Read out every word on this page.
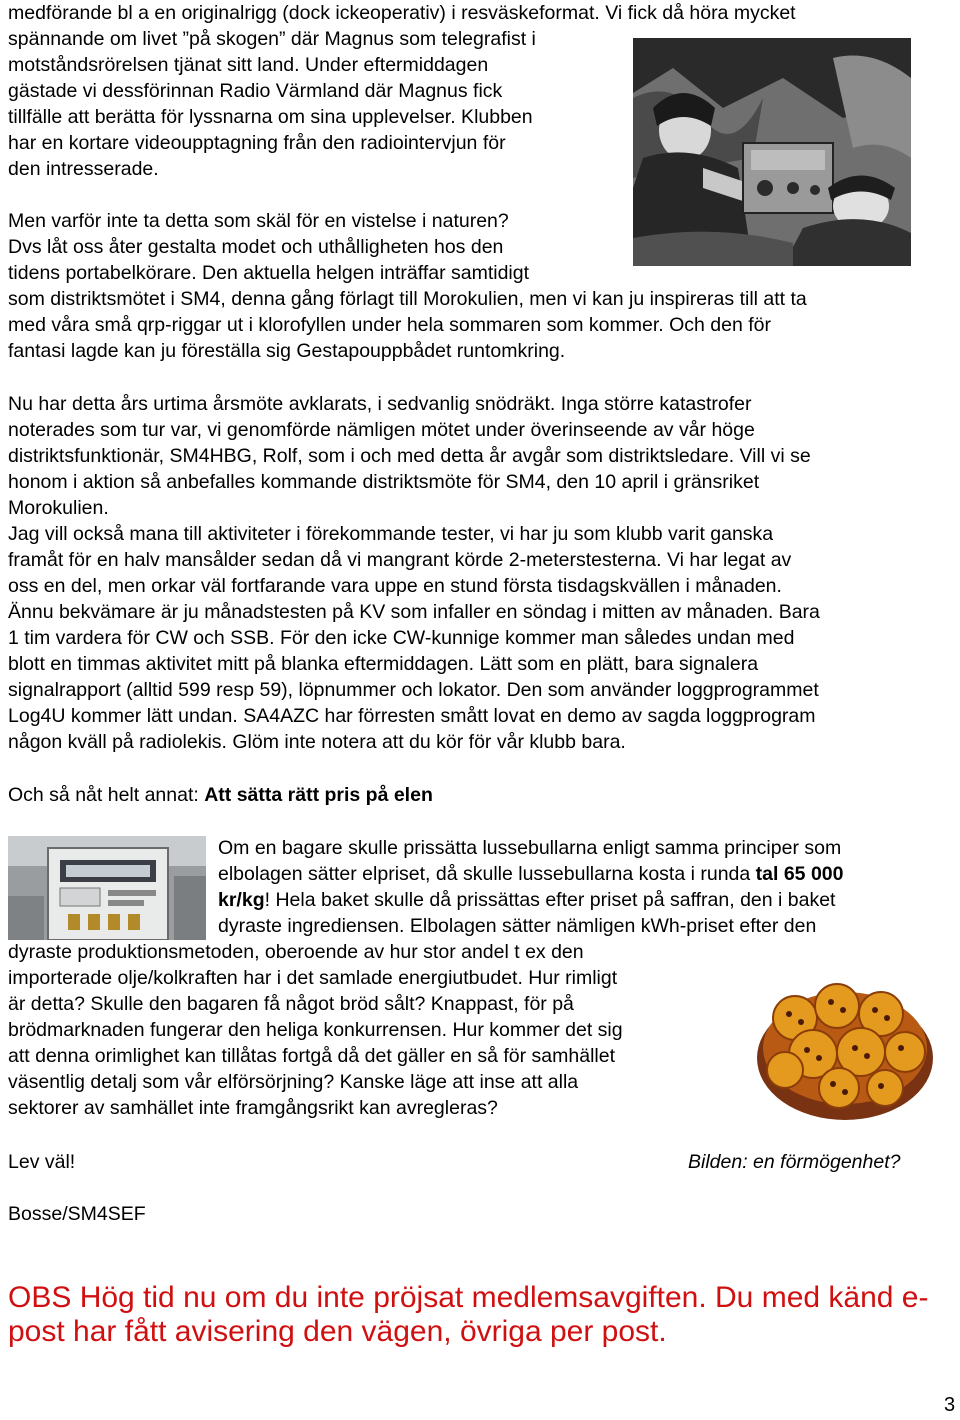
medförande bl a en originalrigg (dock ickeoperativ) i resväskeformat. Vi fick då höra mycket

spännande om livet ”på skogen” där Magnus som telegrafist i

motståndsrörelsen tjänat sitt land. Under eftermiddagen

gästade vi dessförinnan Radio Värmland där Magnus fick

tillfälle att berätta för lyssnarna om sina upplevelser. Klubben

har en kortare videoupptagning från den radiointervjun för

den intresserade.

Men varför inte ta detta som skäl för en vistelse i naturen?

Dvs låt oss åter gestalta modet och uthålligheten hos den

tidens portabelkörare. Den aktuella helgen inträffar samtidigt

som distriktsmötet i SM4, denna gång förlagt till Morokulien, men vi kan ju inspireras till att ta

med våra små qrp-riggar ut i klorofyllen under hela sommaren som kommer. Och den för

fantasi lagde kan ju föreställa sig Gestapouppbådet runtomkring.

Nu har detta års urtima årsmöte avklarats, i sedvanlig snödräkt. Inga större katastrofer

noterades som tur var, vi genomförde nämligen mötet under överinseende av vår höge

distriktsfunktionär, SM4HBG, Rolf, som i och med detta år avgår som distriktsledare. Vill vi se

honom i aktion så anbefalles kommande distriktsmöte för SM4, den 10 april i gränsriket

Morokulien.

Jag vill också mana till aktiviteter i förekommande tester, vi har ju som klubb varit ganska

framåt för en halv mansålder sedan då vi mangrant körde 2-meterstesterna. Vi har legat av

oss en del, men orkar väl fortfarande vara uppe en stund första tisdagskvällen i månaden.

Ännu bekvämare är ju månadstesten på KV som infaller en söndag i mitten av månaden. Bara

1 tim vardera för CW och SSB. För den icke CW-kunnige kommer man således undan med

blott en timmas aktivitet mitt på blanka eftermiddagen. Lätt som en plätt, bara signalera

signalrapport (alltid 599 resp 59), löpnummer och lokator. Den som använder loggprogrammet

Log4U kommer lätt undan. SA4AZC har förresten smått lovat en demo av sagda loggprogram

någon kväll på radiolekis. Glöm inte notera att du kör för vår klubb bara.

Och så nåt helt annat: Att sätta rätt pris på elen

Om en bagare skulle prissätta lussebullarna enligt samma principer som

elbolagen sätter elpriset, då skulle lussebullarna kosta i runda tal 65 000

kr/kg! Hela baket skulle då prissättas efter priset på saffran, den i baket

dyraste ingrediensen. Elbolagen sätter nämligen kWh-priset efter den

dyraste produktionsmetoden, oberoende av hur stor andel t ex den

importerade olje/kolkraften har i det samlade energiutbudet. Hur rimligt

är detta? Skulle den bagaren få något bröd sålt? Knappast, för på

brödmarknaden fungerar den heliga konkurrensen. Hur kommer det sig

att denna orimlighet kan tillåtas fortgå då det gäller en så för samhället

väsentlig detalj som vår elförsörjning? Kanske läge att inse att alla

sektorer av samhället inte framgångsrikt kan avregleras?

Lev väl!	Bilden: en förmögenhet?

Bosse/SM4SEF

OBS Hög tid nu om du inte pröjsat medlemsavgiften. Du med känd e-

post har fått avisering den vägen, övriga per post.

3
